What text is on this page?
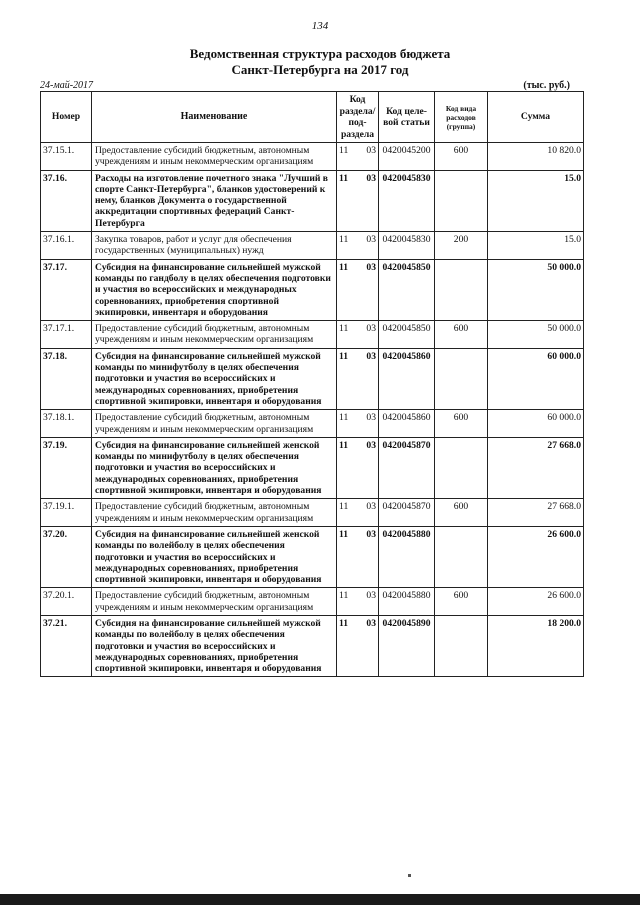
134
Ведомственная структура расходов бюджета
Санкт-Петербурга на 2017 год
24-май-2017	(тыс. руб.)
Номер	Наименование	Код раздела/ под-раздела	Код целе-вой статьи	Код вида расходов (группа)	Сумма
37.15.1.	Предоставление субсидий бюджетным, автономным учреждениям и иным некоммерческим организациям	11 03	0420045200	600	10 820.0
37.16.	Расходы на изготовление почетного знака "Лучший в спорте Санкт-Петербурга", бланков удостоверений к нему, бланков Документа о государственной аккредитации спортивных федераций Санкт-Петербурга	11 03	0420045830		15.0
37.16.1.	Закупка товаров, работ и услуг для обеспечения государственных (муниципальных) нужд	11 03	0420045830	200	15.0
37.17.	Субсидия на финансирование сильнейшей мужской команды по гандболу в целях обеспечения подготовки и участия во всероссийских и международных соревнованиях, приобретения спортивной экипировки, инвентаря и оборудования	11 03	0420045850		50 000.0
37.17.1.	Предоставление субсидий бюджетным, автономным учреждениям и иным некоммерческим организациям	11 03	0420045850	600	50 000.0
37.18.	Субсидия на финансирование сильнейшей мужской команды по минифутболу в целях обеспечения подготовки и участия во всероссийских и международных соревнованиях, приобретения спортивной экипировки, инвентаря и оборудования	11 03	0420045860		60 000.0
37.18.1.	Предоставление субсидий бюджетным, автономным учреждениям и иным некоммерческим организациям	11 03	0420045860	600	60 000.0
37.19.	Субсидия на финансирование сильнейшей женской команды по минифутболу в целях обеспечения подготовки и участия во всероссийских и международных соревнованиях, приобретения спортивной экипировки, инвентаря и оборудования	11 03	0420045870		27 668.0
37.19.1.	Предоставление субсидий бюджетным, автономным учреждениям и иным некоммерческим организациям	11 03	0420045870	600	27 668.0
37.20.	Субсидия на финансирование сильнейшей женской команды по волейболу в целях обеспечения подготовки и участия во всероссийских и международных соревнованиях, приобретения спортивной экипировки, инвентаря и оборудования	11 03	0420045880		26 600.0
37.20.1.	Предоставление субсидий бюджетным, автономным учреждениям и иным некоммерческим организациям	11 03	0420045880	600	26 600.0
37.21.	Субсидия на финансирование сильнейшей мужской команды по волейболу в целях обеспечения подготовки и участия во всероссийских и международных соревнованиях, приобретения спортивной экипировки, инвентаря и оборудования	11 03	0420045890		18 200.0
